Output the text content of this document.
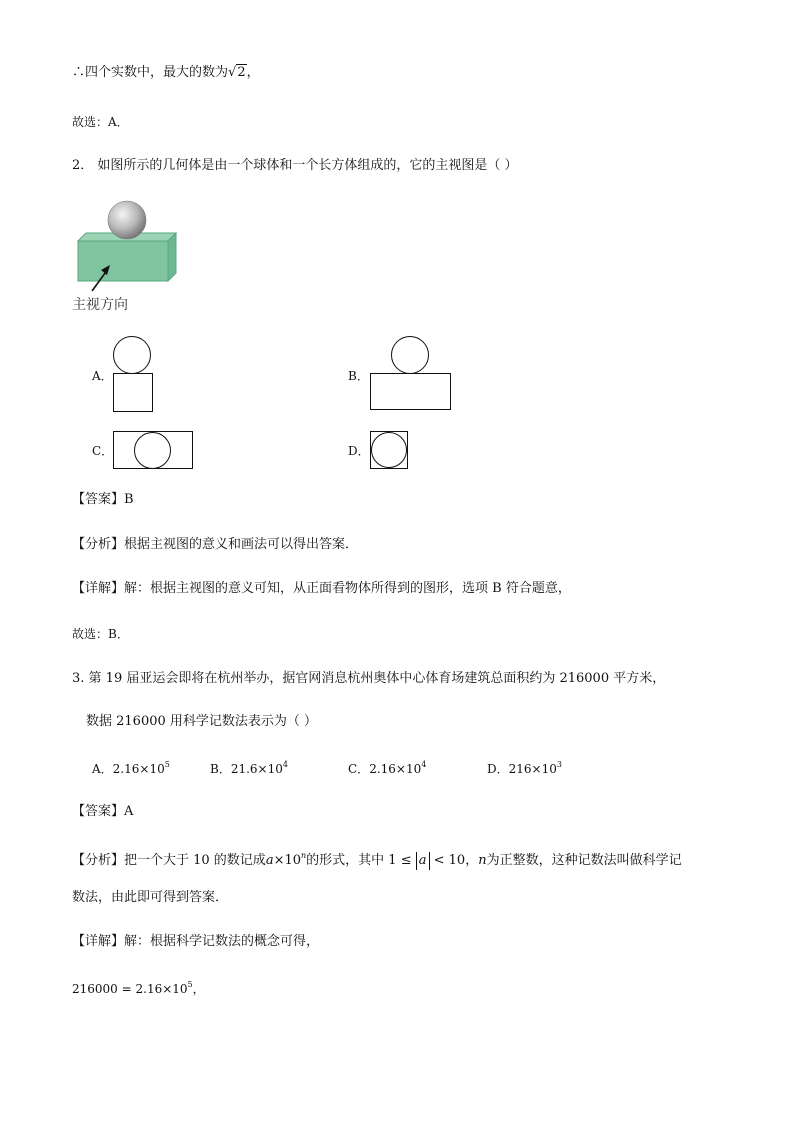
∴四个实数中，最大的数为√2，
故选：A．
2． 如图所示的几何体是由一个球体和一个长方体组成的，它的主视图是（ ）
主视方向
A．	B．
C．	D．
【答案】B
【分析】根据主视图的意义和画法可以得出答案．
【详解】解：根据主视图的意义可知，从正面看物体所得到的图形，选项 B 符合题意，
故选：B．
3. 第 19 届亚运会即将在杭州举办，据官网消息杭州奥体中心体育场建筑总面积约为 216000 平方米，
数据 216000 用科学记数法表示为（ ）
A．$2.16\times 10^5$	B．$21.6\times 10^4$	C．$2.16\times 10^4$	D．$216\times 10^3$
【答案】A
【分析】把一个大于 10 的数记成$a\times 10^n$的形式，其中 1 ≤ a < 10，n为正整数，这种记数法叫做科学记
数法，由此即可得到答案．
【详解】解：根据科学记数法的概念可得，
$216000 = 2.16\times 10^5$，
